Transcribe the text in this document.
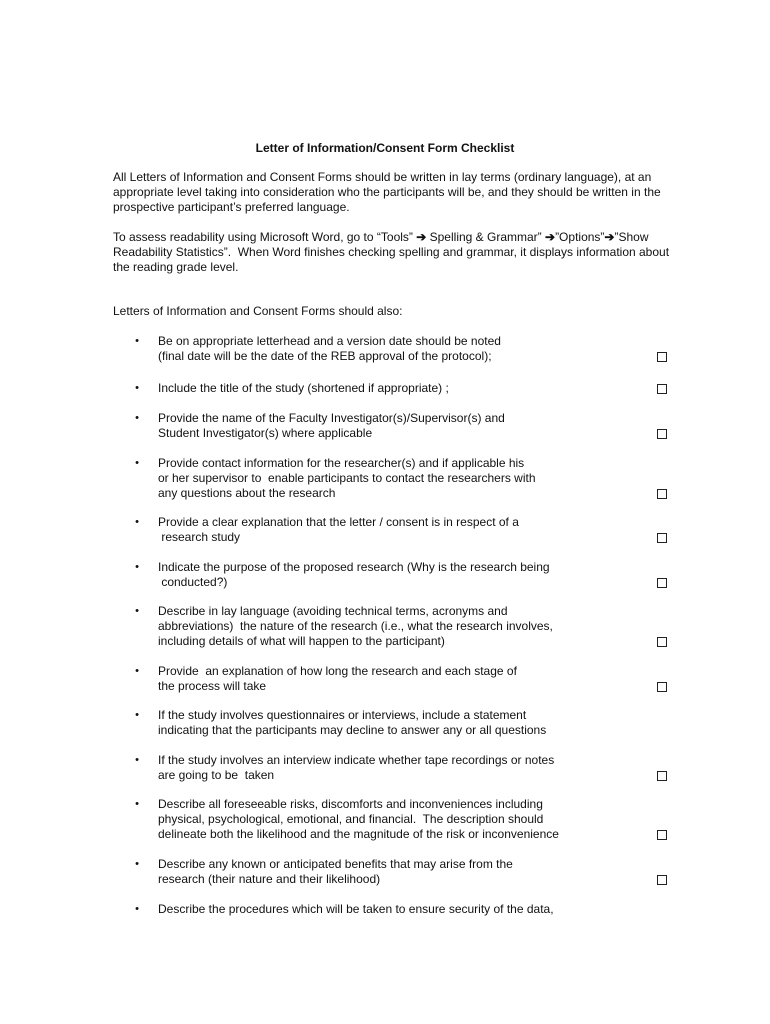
Letter of Information/Consent Form Checklist
All Letters of Information and Consent Forms should be written in lay terms (ordinary language), at an
appropriate level taking into consideration who the participants will be, and they should be written in the
prospective participant’s preferred language.
To assess readability using Microsoft Word, go to “Tools” ➔ Spelling & Grammar” ➔”Options”➔”Show
Readability Statistics”.  When Word finishes checking spelling and grammar, it displays information about
the reading grade level.
Letters of Information and Consent Forms should also:
• Be on appropriate letterhead and a version date should be noted
(final date will be the date of the REB approval of the protocol);
• Include the title of the study (shortened if appropriate) ;
• Provide the name of the Faculty Investigator(s)/Supervisor(s) and
Student Investigator(s) where applicable
• Provide contact information for the researcher(s) and if applicable his
or her supervisor to  enable participants to contact the researchers with
any questions about the research
• Provide a clear explanation that the letter / consent is in respect of a
research study
• Indicate the purpose of the proposed research (Why is the research being
conducted?)
• Describe in lay language (avoiding technical terms, acronyms and
abbreviations)  the nature of the research (i.e., what the research involves,
including details of what will happen to the participant)
• Provide  an explanation of how long the research and each stage of
the process will take
• If the study involves questionnaires or interviews, include a statement
indicating that the participants may decline to answer any or all questions
• If the study involves an interview indicate whether tape recordings or notes
are going to be  taken
• Describe all foreseeable risks, discomforts and inconveniences including
physical, psychological, emotional, and financial.  The description should
delineate both the likelihood and the magnitude of the risk or inconvenience
• Describe any known or anticipated benefits that may arise from the
research (their nature and their likelihood)
• Describe the procedures which will be taken to ensure security of the data,
